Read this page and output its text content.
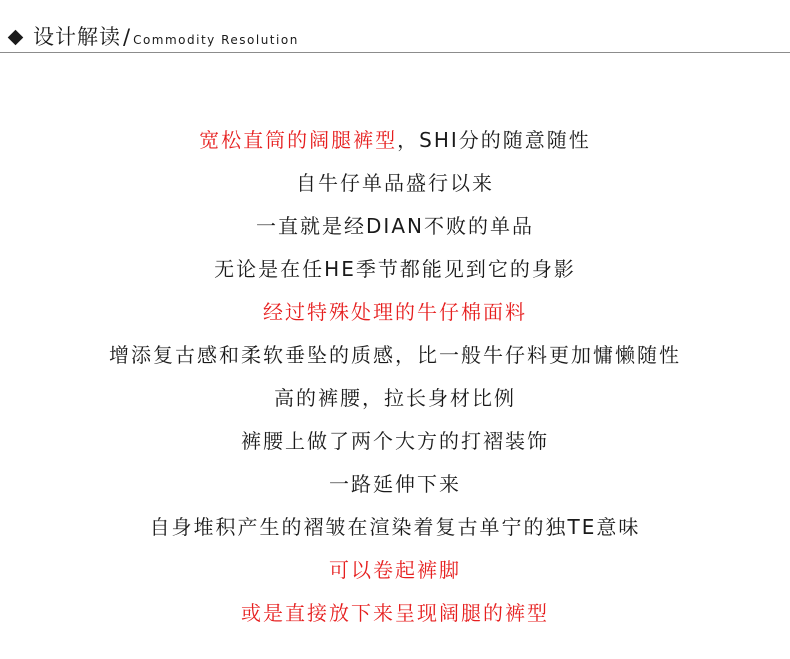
设计解读/ Commodity Resolution
宽松直筒的阔腿裤型，SHI分的随意随性
自牛仔单品盛行以来
一直就是经DIAN不败的单品
无论是在任HE季节都能见到它的身影
经过特殊处理的牛仔棉面料
增添复古感和柔软垂坠的质感，比一般牛仔料更加慵懒随性
高的裤腰，拉长身材比例
裤腰上做了两个大方的打褶装饰
一路延伸下来
自身堆积产生的褶皱在渲染着复古单宁的独TE意味
可以卷起裤脚
或是直接放下来呈现阔腿的裤型
